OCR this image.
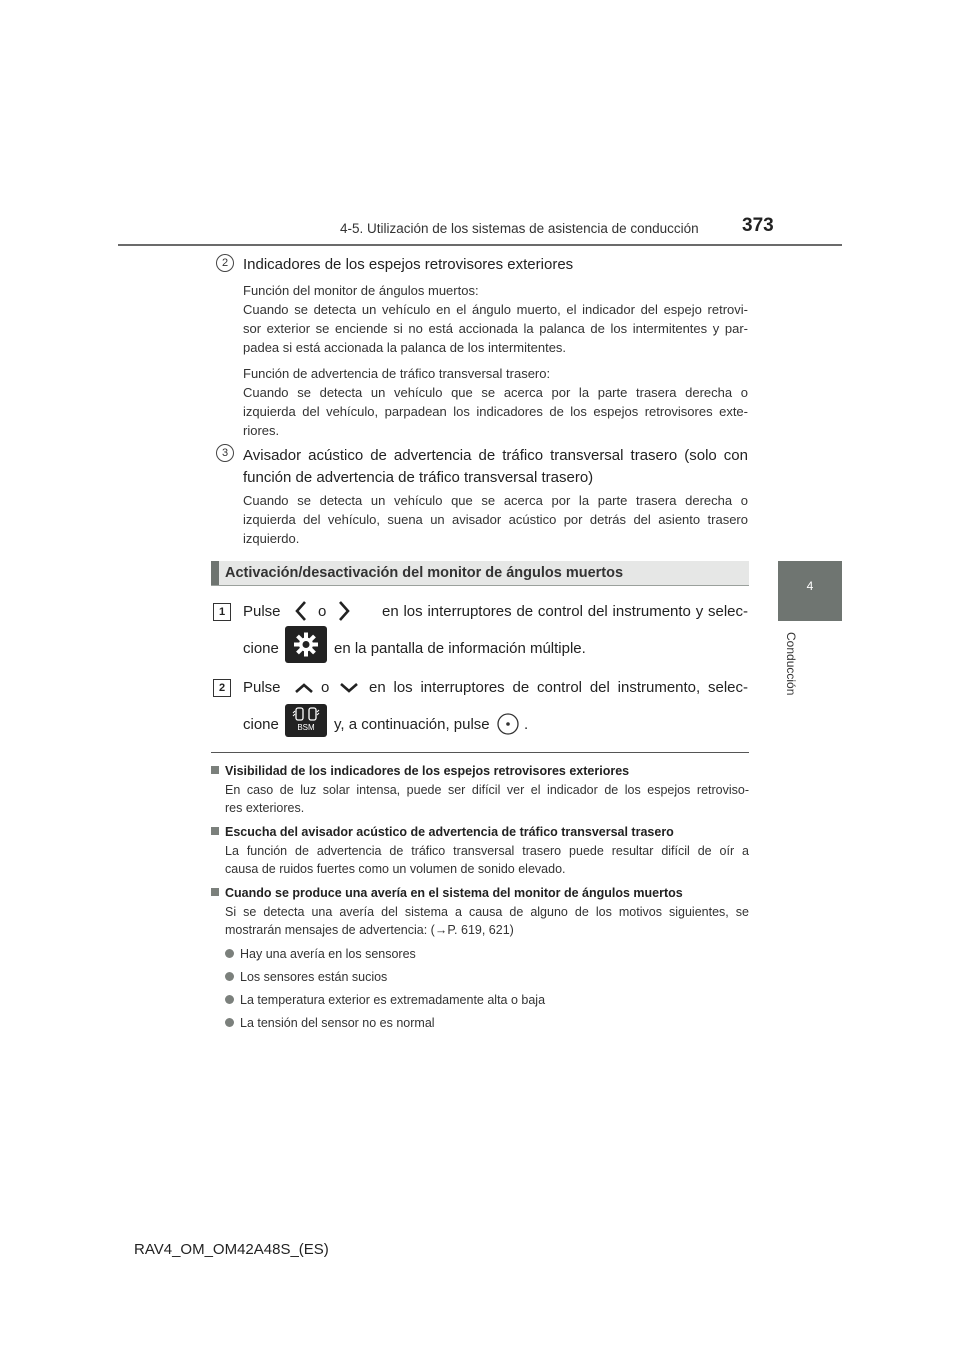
4-5. Utilización de los sistemas de asistencia de conducción 373
4
Conducción
2 Indicadores de los espejos retrovisores exteriores
Función del monitor de ángulos muertos:
Cuando se detecta un vehículo en el ángulo muerto, el indicador del espejo retrovi-
sor exterior se enciende si no está accionada la palanca de los intermitentes y par-
padea si está accionada la palanca de los intermitentes.
Función de advertencia de tráfico transversal trasero:
Cuando se detecta un vehículo que se acerca por la parte trasera derecha o
izquierda del vehículo, parpadean los indicadores de los espejos retrovisores exte-
riores.
3 Avisador acústico de advertencia de tráfico transversal trasero (solo con
función de advertencia de tráfico transversal trasero)
Cuando se detecta un vehículo que se acerca por la parte trasera derecha o
izquierda del vehículo, suena un avisador acústico por detrás del asiento trasero
izquierdo.
Activación/desactivación del monitor de ángulos muertos
1	Pulse o	en los interruptores de control del instrumento y selec-
cione	en la pantalla de información múltiple.
2	Pulse	o	en los interruptores de control del instrumento, selec-
cione	BSM	y, a continuación, pulse .
Visibilidad de los indicadores de los espejos retrovisores exteriores
En caso de luz solar intensa, puede ser difícil ver el indicador de los espejos retroviso-
res exteriores.
Escucha del avisador acústico de advertencia de tráfico transversal trasero
La función de advertencia de tráfico transversal trasero puede resultar difícil de oír a
causa de ruidos fuertes como un volumen de sonido elevado.
Cuando se produce una avería en el sistema del monitor de ángulos muertos
Si se detecta una avería del sistema a causa de alguno de los motivos siguientes, se
mostrarán mensajes de advertencia: (→P. 619, 621)
Hay una avería en los sensores
Los sensores están sucios
La temperatura exterior es extremadamente alta o baja
La tensión del sensor no es normal
RAV4_OM_OM42A48S_(ES)
